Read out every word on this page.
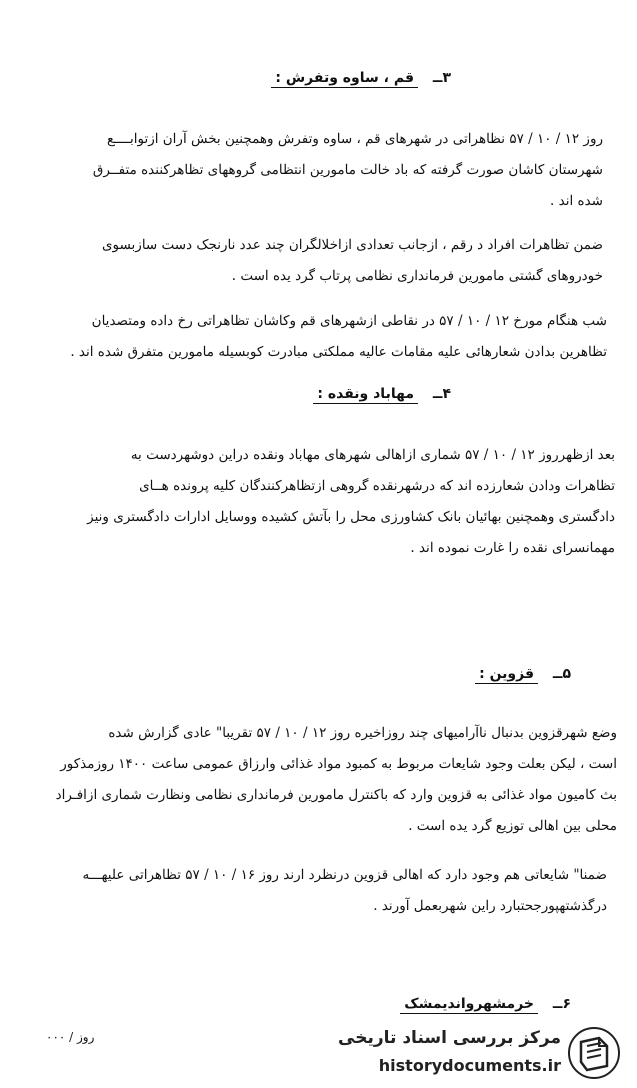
۳ــ قم ، ساوه وتفرش :
روز ۱۲ / ۱۰ / ۵۷ نظاهراتی در شهرهای قم ، ساوه وتفرش وهمچنین بخش آران ازتوابــــع
شهرستان کاشان صورت گرفته که باد خالت مامورین انتظامی گروههای تظاهرکننده متفــرق
شده اند .
ضمن تظاهرات افراد د رقم ، ازجانب تعدادی ازاخلالگران چند عدد نارنجک دست سازبسوی
خودروهای گشتی مامورین فرمانداری نظامی پرتاب گرد یده است .
شب هنگام مورخ ۱۲ / ۱۰ / ۵۷ در نقاطی ازشهرهای قم وکاشان تظاهراتی رخ داده ومتصدیان
تظاهرین بدادن شعارهائی علیه مقامات عالیه مملکتی مبادرت کوبسیله مامورین متفرق شده اند .
۴ــ مهاباد ونقده :
بعد ازظهرروز ۱۲ / ۱۰ / ۵۷ شماری ازاهالی شهرهای مهاباد ونقده دراین دوشهردست به
تظاهرات ودادن شعارزده اند که درشهرنقده گروهی ازتظاهرکنندگان کلیه پرونده هــای
دادگستری وهمچنین بهائیان بانک کشاورزی محل را بآتش کشیده ووسایل ادارات دادگستری ونیز
مهمانسرای نقده را غارت نموده اند .
۵ــ قزوین :
وضع شهرقزوین بدنبال ناآرامیهای چند روزاخیره روز ۱۲ / ۱۰ / ۵۷ تقریبا" عادی گزارش شده
است ، لیکن بعلت وجود شایعات مربوط به کمبود مواد غذائی وارزاق عمومی ساعت ۱۴۰۰ روزمذکور
بث کامیون مواد غذائی به قزوین وارد که باکنترل مامورین فرمانداری نظامی ونظارت شماری ازافـراد
محلی بین اهالی توزیع گرد یده است .
ضمنا" شایعاتی هم وجود دارد که اهالی قزوین درنظرد ارند روز ۱۶ / ۱۰ / ۵۷ تظاهراتی علیهـــه
درگذشتهپورجحتبارد راین شهربعمل آورند .
۶ــ خرمشهرواندیمشک
روز / ۰۰۰	مرکز بررسی اسناد تاریخی
historydocuments.ir
